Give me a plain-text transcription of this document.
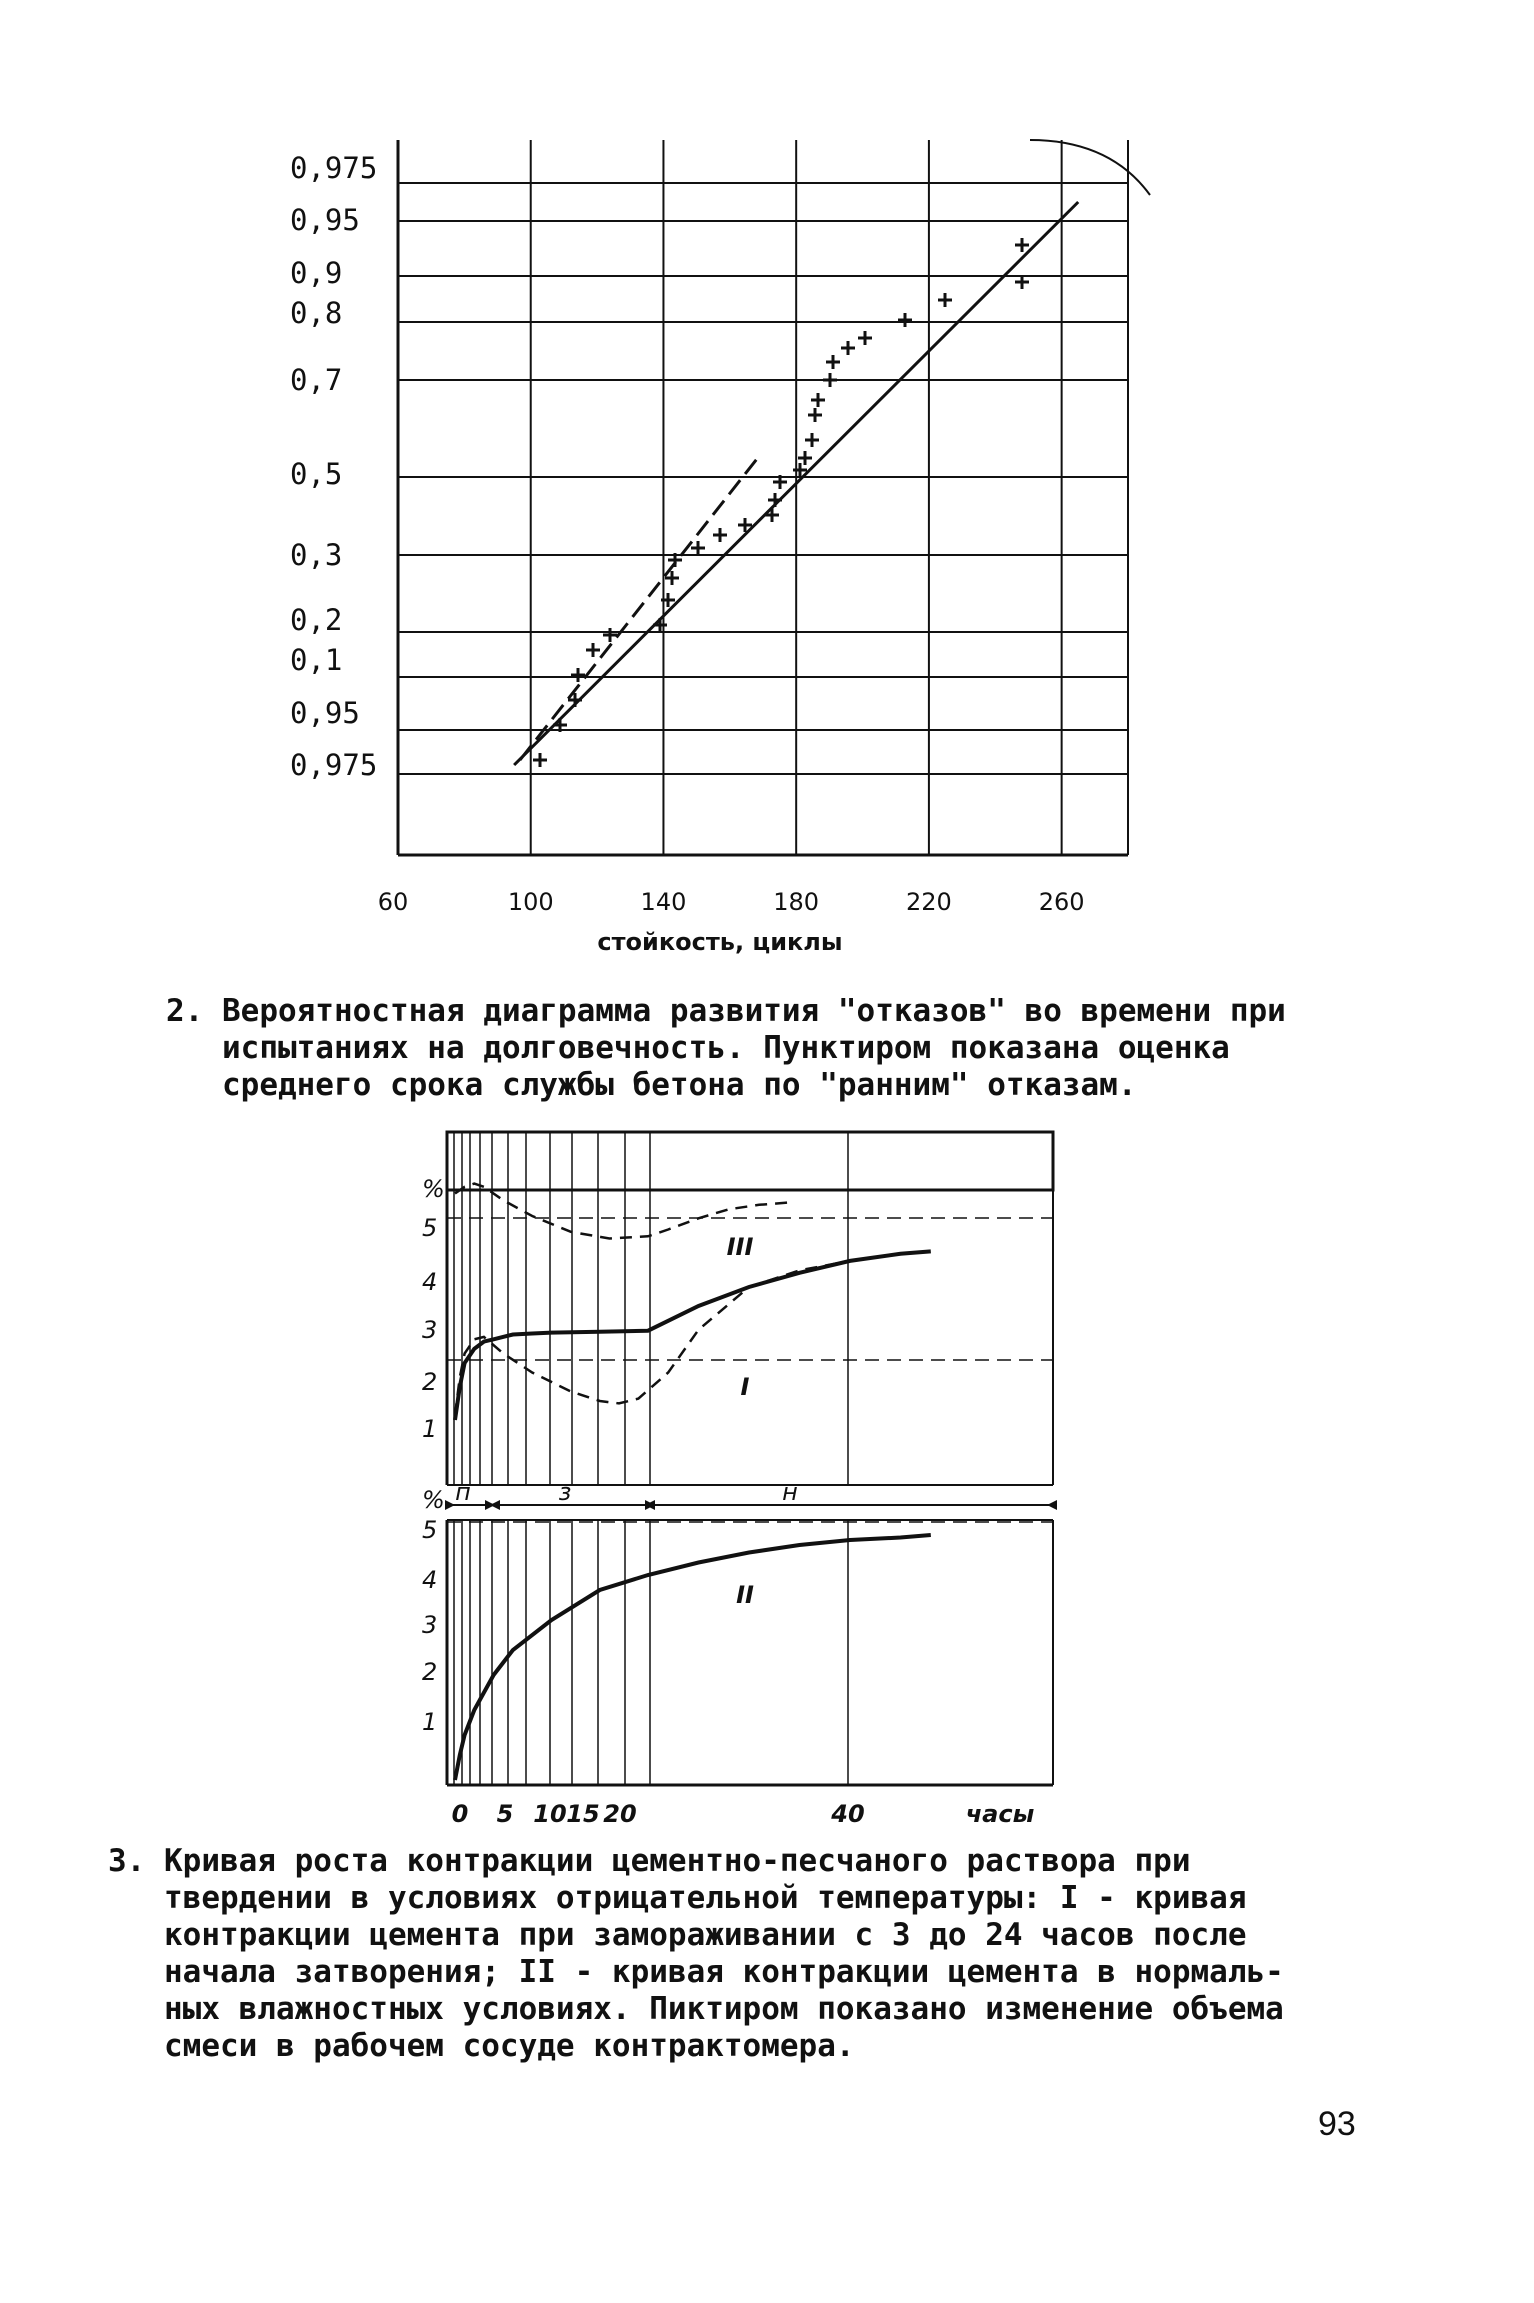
0,975
0,95
0,9
0,8
0,7
0,5
0,3
0,2
0,1
0,95
0,975
60	100	140	180	220	260
стойкость, циклы
п	з	н
%
1
2
3
4
5
%
1
2
3
4
5
0 5 10 15 20	40	часы
III
I
II
2. Вероятностная диаграмма развития "отказов" во времени при
испытаниях на долговечность. Пунктиром показана оценка
среднего срока службы бетона по "ранним" отказам.
3. Кривая роста контракции цементно-песчаного раствора при
твердении в условиях отрицательной температуры: I - кривая
контракции цемента при замораживании с 3 до 24 часов после
начала затворения; II - кривая контракции цемента в нормаль-
ных влажностных условиях. Пиктиром показано изменение объема
смеси в рабочем сосуде контрактомера.
93
